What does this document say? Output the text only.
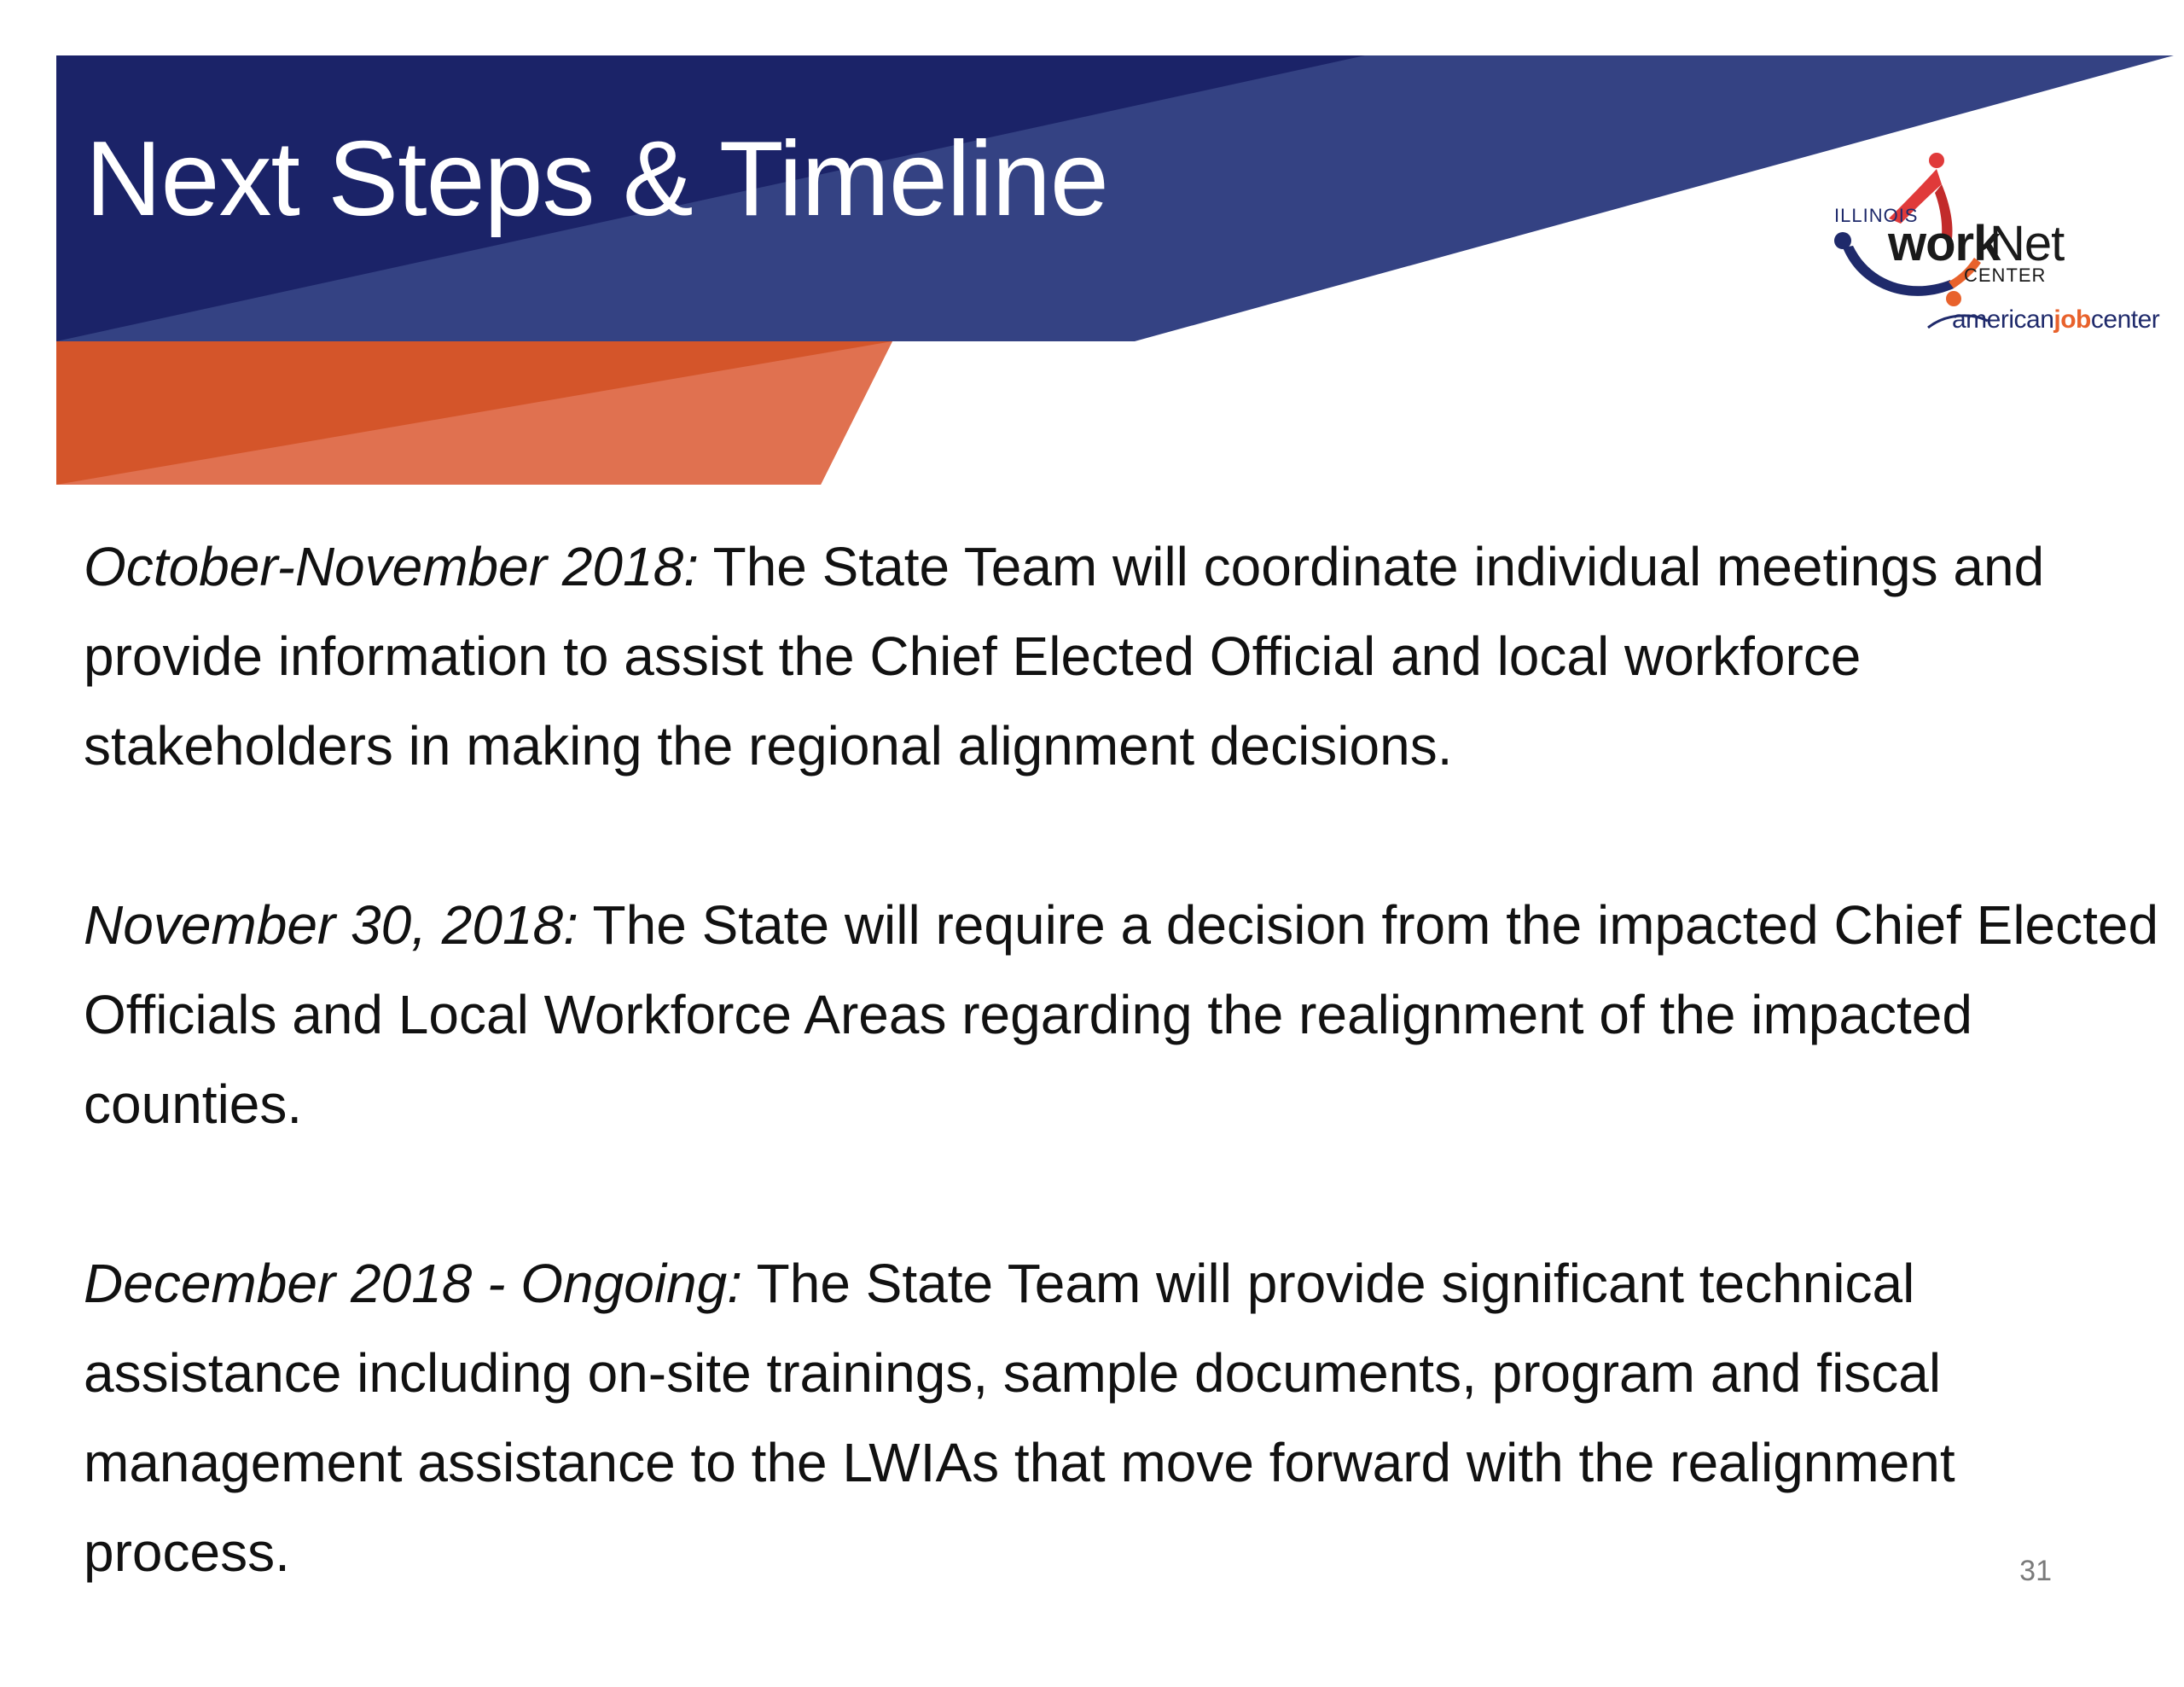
Next Steps & Timeline	ILLINOIS
work
Net
CENTER
americanjobcenter

October-November 2018: The State Team will coordinate individual meetings and provide information to assist the Chief Elected Official and local workforce stakeholders in making the regional alignment decisions.

November 30, 2018: The State will require a decision from the impacted Chief Elected Officials and Local Workforce Areas regarding the realignment of the impacted counties.

December 2018 - Ongoing: The State Team will provide significant technical assistance including on-site trainings, sample documents, program and fiscal management assistance to the LWIAs that move forward with the realignment process.	31
